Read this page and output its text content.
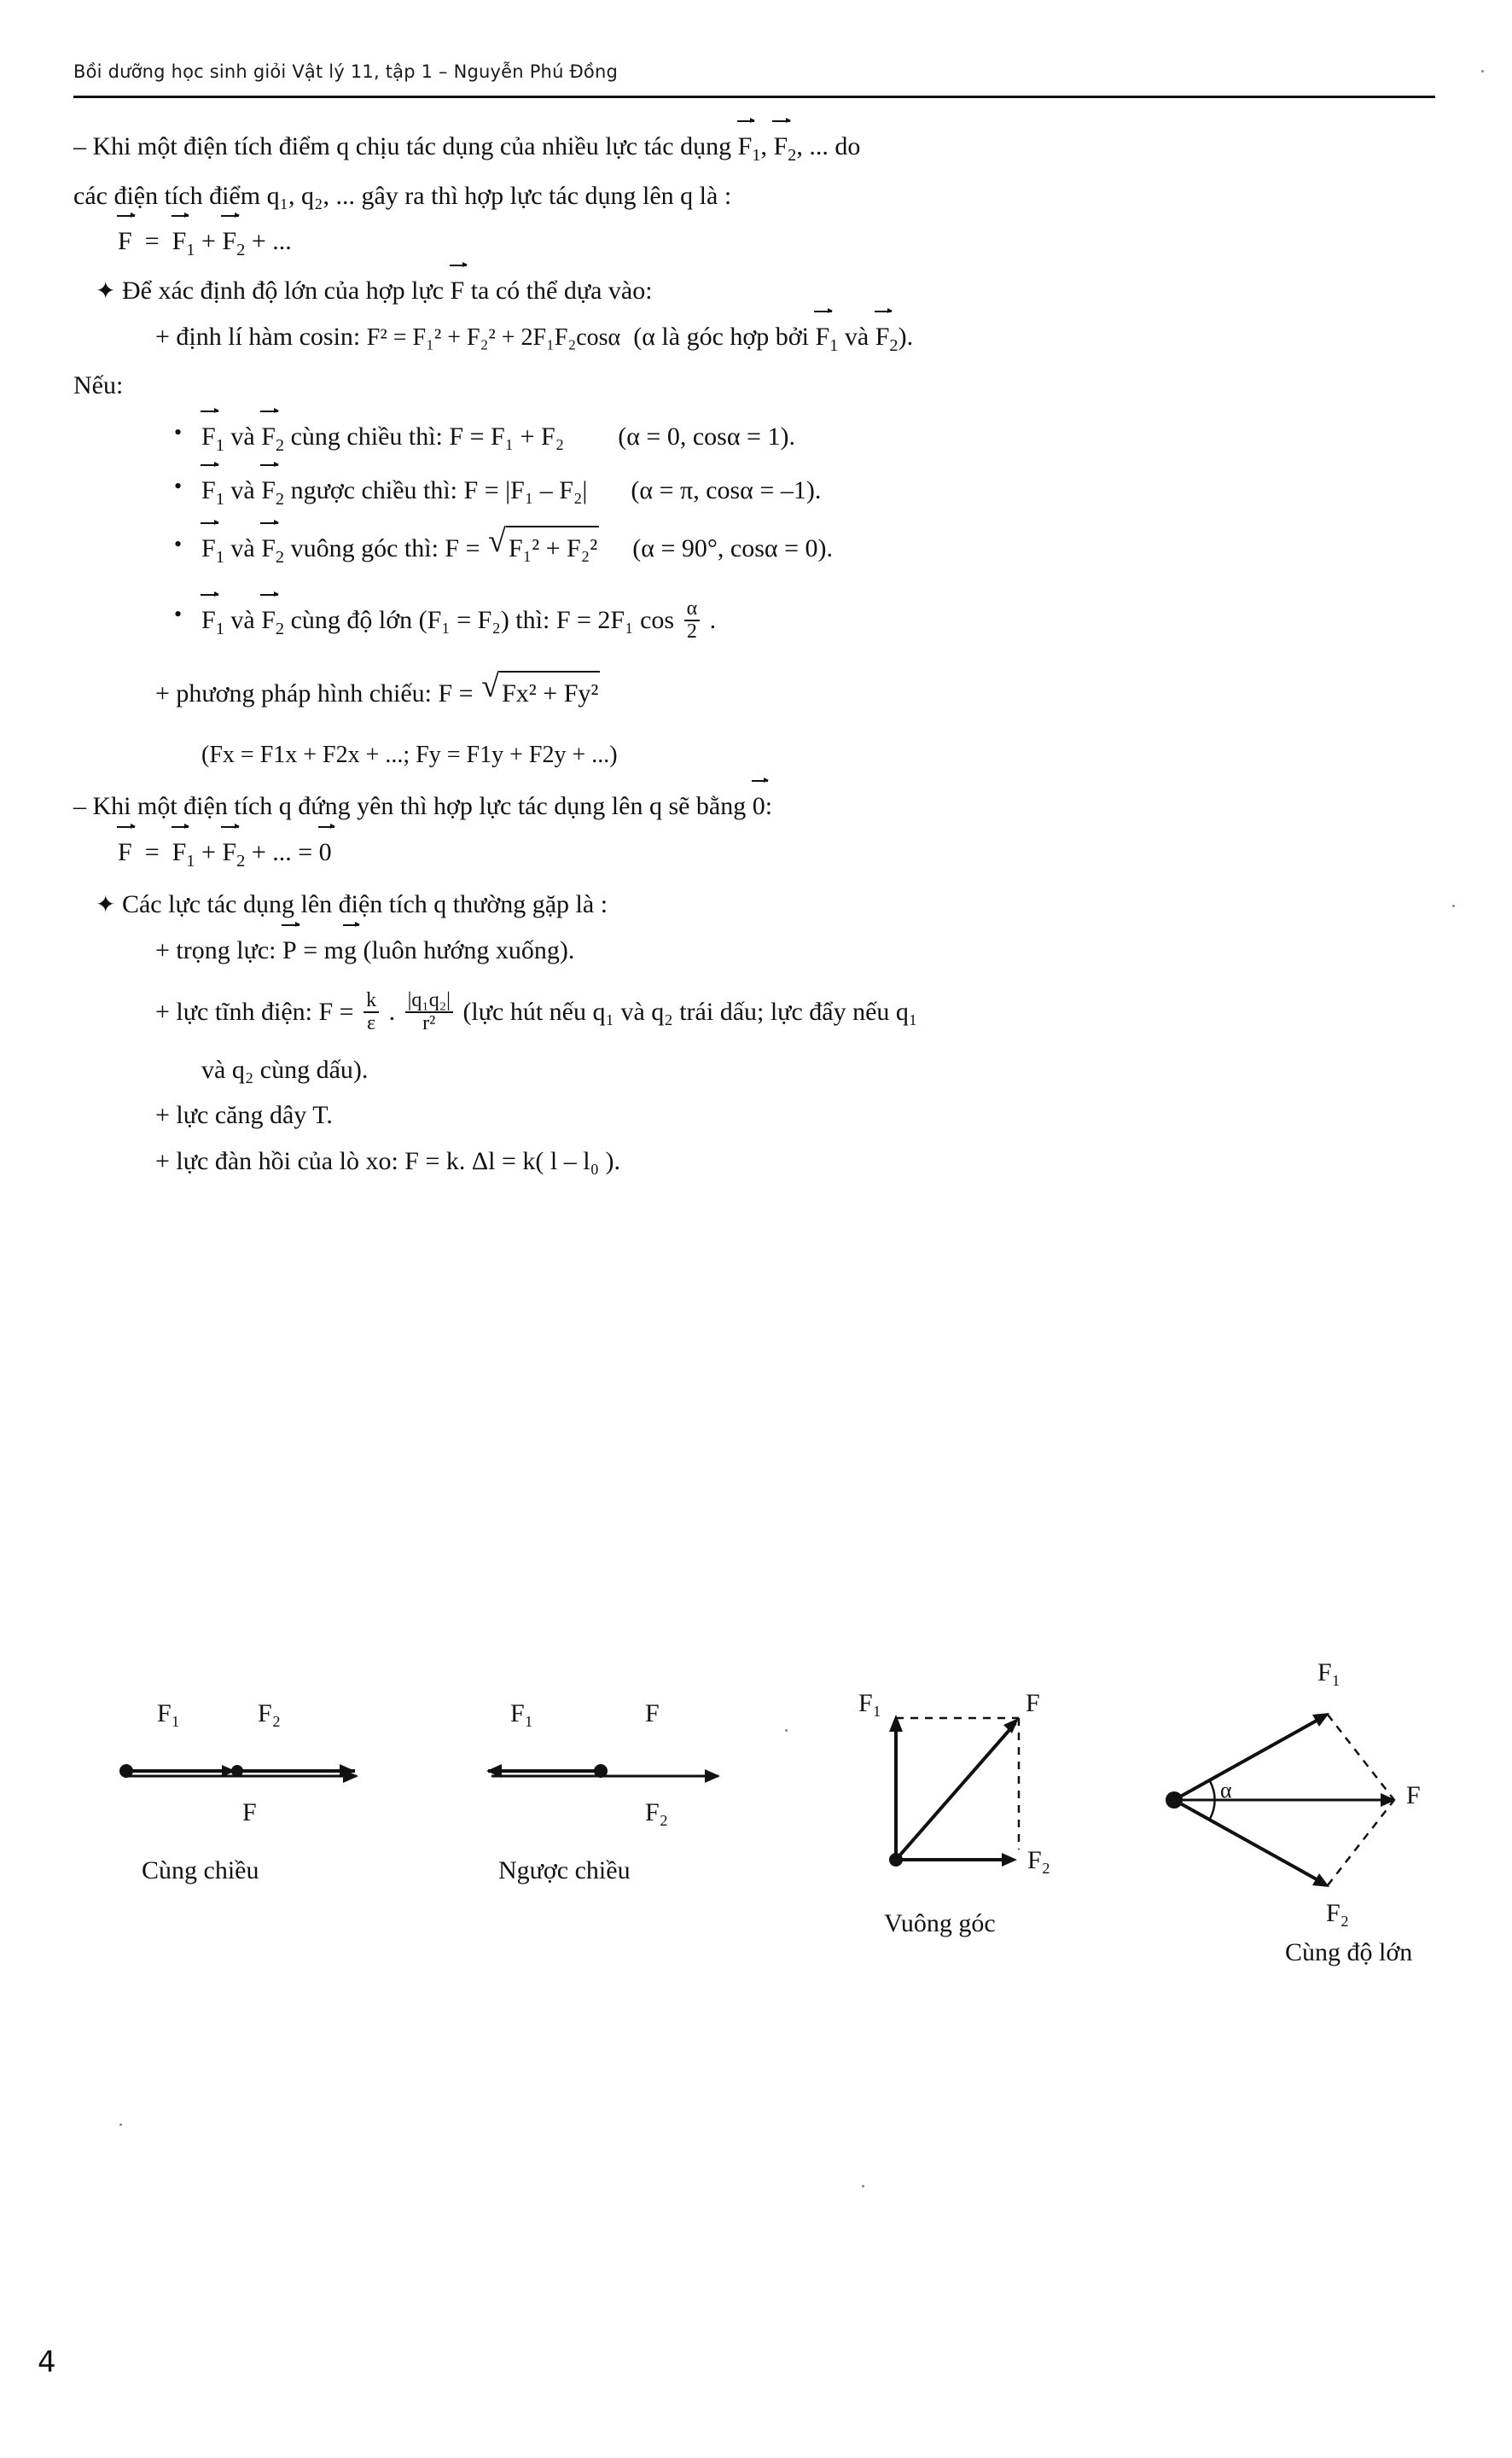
Bồi dưỡng học sinh giỏi Vật lý 11, tập 1 – Nguyễn Phú Đồng
– Khi một điện tích điểm q chịu tác dụng của nhiều lực tác dụng $F_1$, $F_2$, ... do
các điện tích điểm q₁, q₂, ... gây ra thì hợp lực tác dụng lên q là :
$F = F_1 + F_2$ + ...
✦ Để xác định độ lớn của hợp lực F ta có thể dựa vào:
+ định lí hàm cosin: F² = F₁² + F₂² + 2F₁F₂cosα (α là góc hợp bởi $F_1$ và $F_2$).
Nếu:
• $F_1$ và $F_2$ cùng chiều thì: F = F₁ + F₂ (α = 0, cosα = 1).
• $F_1$ và $F_2$ ngược chiều thì: F = |F₁ – F₂| (α = π, cosα = –1).
• $F_1$ và $F_2$ vuông góc thì: F = √ F₁² + F₂² (α = 90°, cosα = 0).
• $F_1$ và $F_2$ cùng độ lớn (F₁ = F₂) thì: F = 2F₁ $\cos \frac{\alpha}{2}$ .
+ phương pháp hình chiếu: F = √ Fx² + Fy²
(Fx = F1x + F2x + ...; Fy = F1y + F2y + ...)
– Khi một điện tích q đứng yên thì hợp lực tác dụng lên q sẽ bằng 0:
$F = F_1 + F_2$ + ... = 0
✦ Các lực tác dụng lên điện tích q thường gặp là :
+ trọng lực: P = mg (luôn hướng xuống).
+ lực tĩnh điện: $F = \frac{k}{\varepsilon}$ . $\frac{\text{|q₁q₂|}}{\text{r²}}$ (lực hút nếu q₁ và q₂ trái dấu; lực đẩy nếu q₁
và q₂ cùng dấu).
+ lực căng dây T.
+ lực đàn hồi của lò xo: F = k. Δl = k( l – l₀ ).
F₁	F₂
F
Cùng chiều
F₁	F
F₂
Ngược chiều
F₁	F
F₂
Vuông góc
F₁
α	F
F₂
Cùng độ lớn
4
